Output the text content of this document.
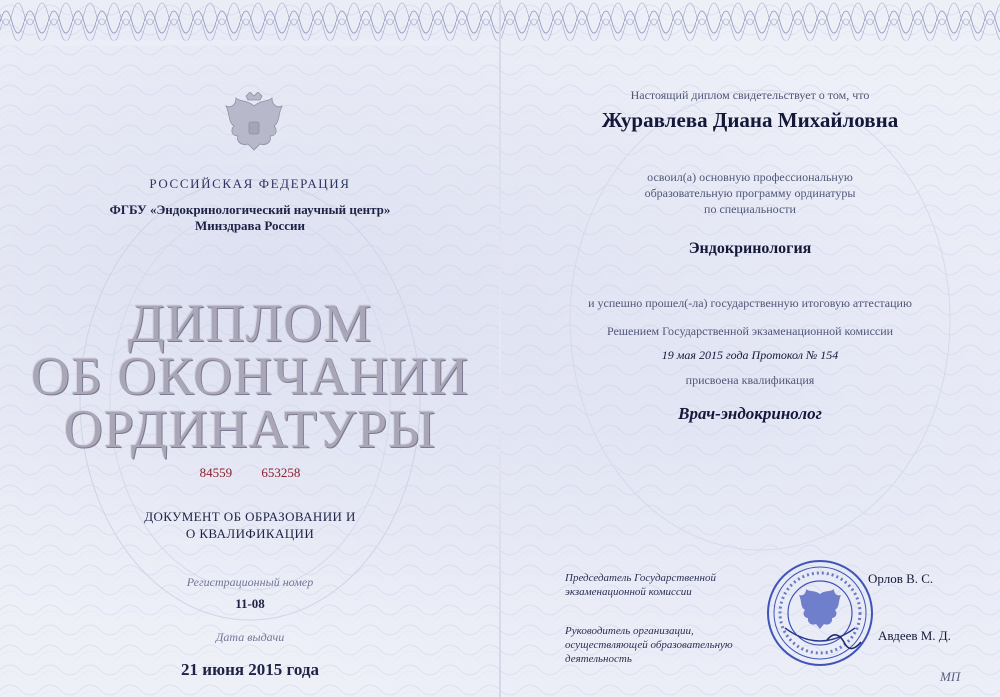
РОССИЙСКАЯ ФЕДЕРАЦИЯ
ФГБУ «Эндокринологический научный центр»
Минздрава России
ДИПЛОМ
ОБ ОКОНЧАНИИ
ОРДИНАТУРЫ
84559 653258
ДОКУМЕНТ ОБ ОБРАЗОВАНИИ И
О КВАЛИФИКАЦИИ
Регистрационный номер
11-08
Дата выдачи
21 июня 2015 года
Настоящий диплом свидетельствует о том, что
Журавлева Диана Михайловна
освоил(а) основную профессиональную
образовательную программу ординатуры
по специальности
Эндокринология
и успешно прошел(-ла) государственную итоговую аттестацию
Решением Государственной экзаменационной комиссии
19 мая 2015 года Протокол № 154
присвоена квалификация
Врач-эндокринолог
Председатель Государственной экзаменационной комиссии
Руководитель организации, осуществляющей образовательную деятельность
Орлов В. С.
Авдеев М. Д.
МП
